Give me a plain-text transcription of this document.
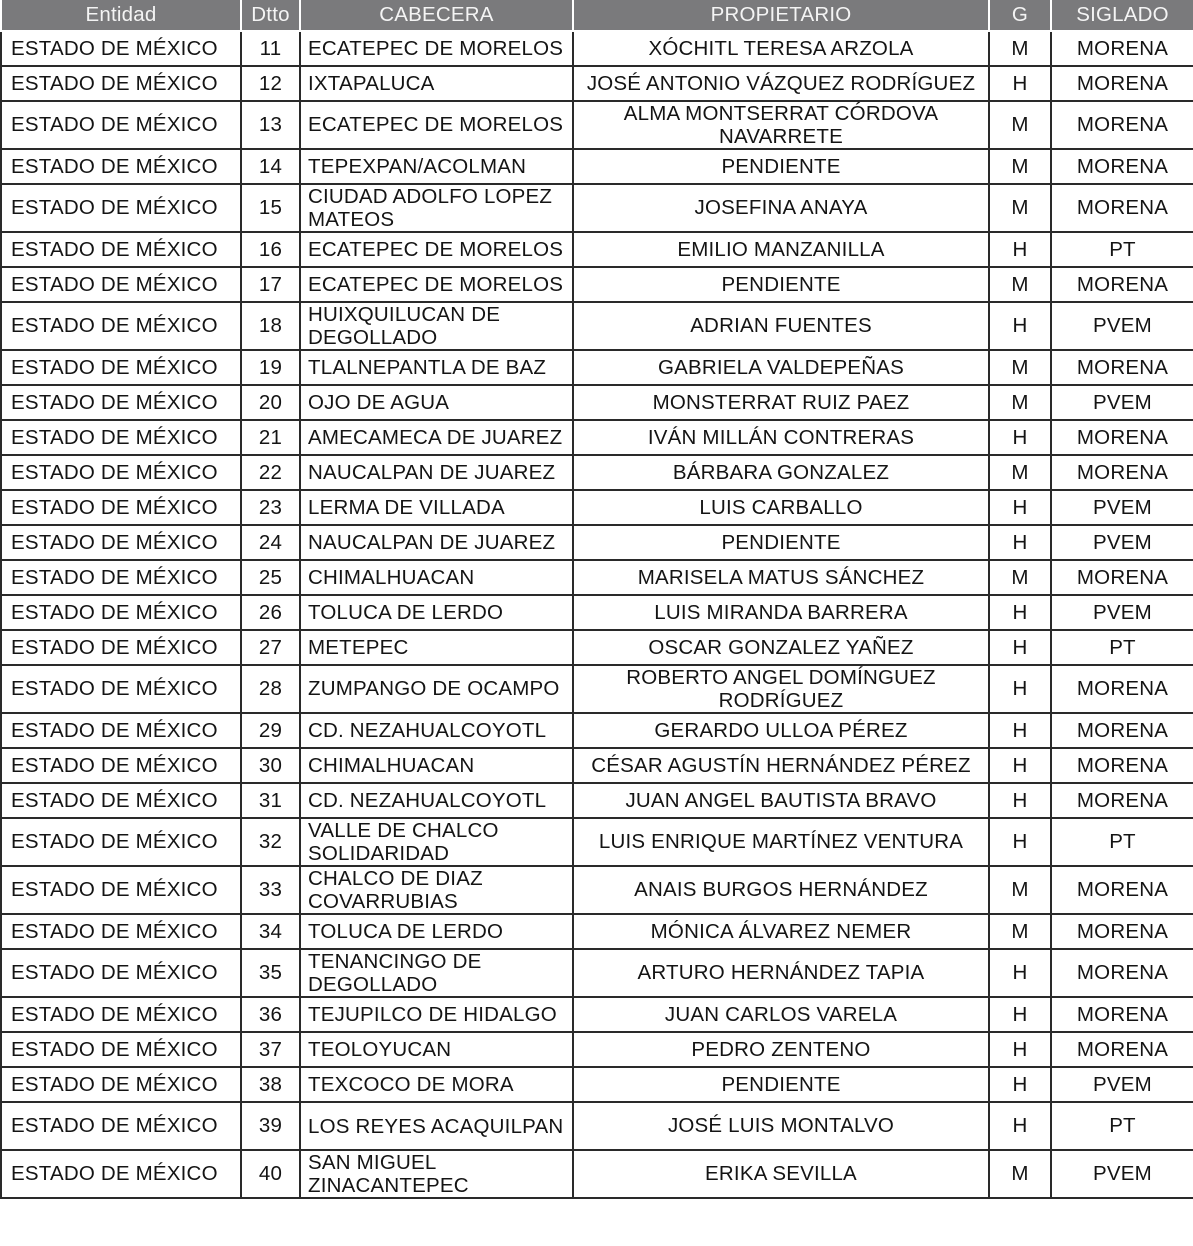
Entidad	Dtto	CABECERA	PROPIETARIO	G	SIGLADO
ESTADO DE MÉXICO	11	ECATEPEC DE MORELOS	XÓCHITL TERESA ARZOLA	M	MORENA
ESTADO DE MÉXICO	12	IXTAPALUCA	JOSÉ ANTONIO VÁZQUEZ RODRÍGUEZ	H	MORENA
ESTADO DE MÉXICO	13	ECATEPEC DE MORELOS	ALMA MONTSERRAT CÓRDOVA NAVARRETE	M	MORENA
ESTADO DE MÉXICO	14	TEPEXPAN/ACOLMAN	PENDIENTE	M	MORENA
ESTADO DE MÉXICO	15	CIUDAD ADOLFO LOPEZ MATEOS	JOSEFINA ANAYA	M	MORENA
ESTADO DE MÉXICO	16	ECATEPEC DE MORELOS	EMILIO MANZANILLA	H	PT
ESTADO DE MÉXICO	17	ECATEPEC DE MORELOS	PENDIENTE	M	MORENA
ESTADO DE MÉXICO	18	HUIXQUILUCAN DE DEGOLLADO	ADRIAN FUENTES	H	PVEM
ESTADO DE MÉXICO	19	TLALNEPANTLA DE BAZ	GABRIELA VALDEPEÑAS	M	MORENA
ESTADO DE MÉXICO	20	OJO DE AGUA	MONSTERRAT RUIZ PAEZ	M	PVEM
ESTADO DE MÉXICO	21	AMECAMECA DE JUAREZ	IVÁN MILLÁN CONTRERAS	H	MORENA
ESTADO DE MÉXICO	22	NAUCALPAN DE JUAREZ	BÁRBARA GONZALEZ	M	MORENA
ESTADO DE MÉXICO	23	LERMA DE VILLADA	LUIS CARBALLO	H	PVEM
ESTADO DE MÉXICO	24	NAUCALPAN DE JUAREZ	PENDIENTE	H	PVEM
ESTADO DE MÉXICO	25	CHIMALHUACAN	MARISELA MATUS SÁNCHEZ	M	MORENA
ESTADO DE MÉXICO	26	TOLUCA DE LERDO	LUIS MIRANDA BARRERA	H	PVEM
ESTADO DE MÉXICO	27	METEPEC	OSCAR GONZALEZ YAÑEZ	H	PT
ESTADO DE MÉXICO	28	ZUMPANGO DE OCAMPO	ROBERTO ANGEL DOMÍNGUEZ RODRÍGUEZ	H	MORENA
ESTADO DE MÉXICO	29	CD. NEZAHUALCOYOTL	GERARDO ULLOA PÉREZ	H	MORENA
ESTADO DE MÉXICO	30	CHIMALHUACAN	CÉSAR AGUSTÍN HERNÁNDEZ PÉREZ	H	MORENA
ESTADO DE MÉXICO	31	CD. NEZAHUALCOYOTL	JUAN ANGEL BAUTISTA BRAVO	H	MORENA
ESTADO DE MÉXICO	32	VALLE DE CHALCO SOLIDARIDAD	LUIS ENRIQUE MARTÍNEZ VENTURA	H	PT
ESTADO DE MÉXICO	33	CHALCO DE DIAZ COVARRUBIAS	ANAIS BURGOS HERNÁNDEZ	M	MORENA
ESTADO DE MÉXICO	34	TOLUCA DE LERDO	MÓNICA ÁLVAREZ NEMER	M	MORENA
ESTADO DE MÉXICO	35	TENANCINGO DE DEGOLLADO	ARTURO HERNÁNDEZ TAPIA	H	MORENA
ESTADO DE MÉXICO	36	TEJUPILCO DE HIDALGO	JUAN CARLOS VARELA	H	MORENA
ESTADO DE MÉXICO	37	TEOLOYUCAN	PEDRO ZENTENO	H	MORENA
ESTADO DE MÉXICO	38	TEXCOCO DE MORA	PENDIENTE	H	PVEM
ESTADO DE MÉXICO	39	LOS REYES ACAQUILPAN	JOSÉ LUIS MONTALVO	H	PT
ESTADO DE MÉXICO	40	SAN MIGUEL ZINACANTEPEC	ERIKA SEVILLA	M	PVEM
